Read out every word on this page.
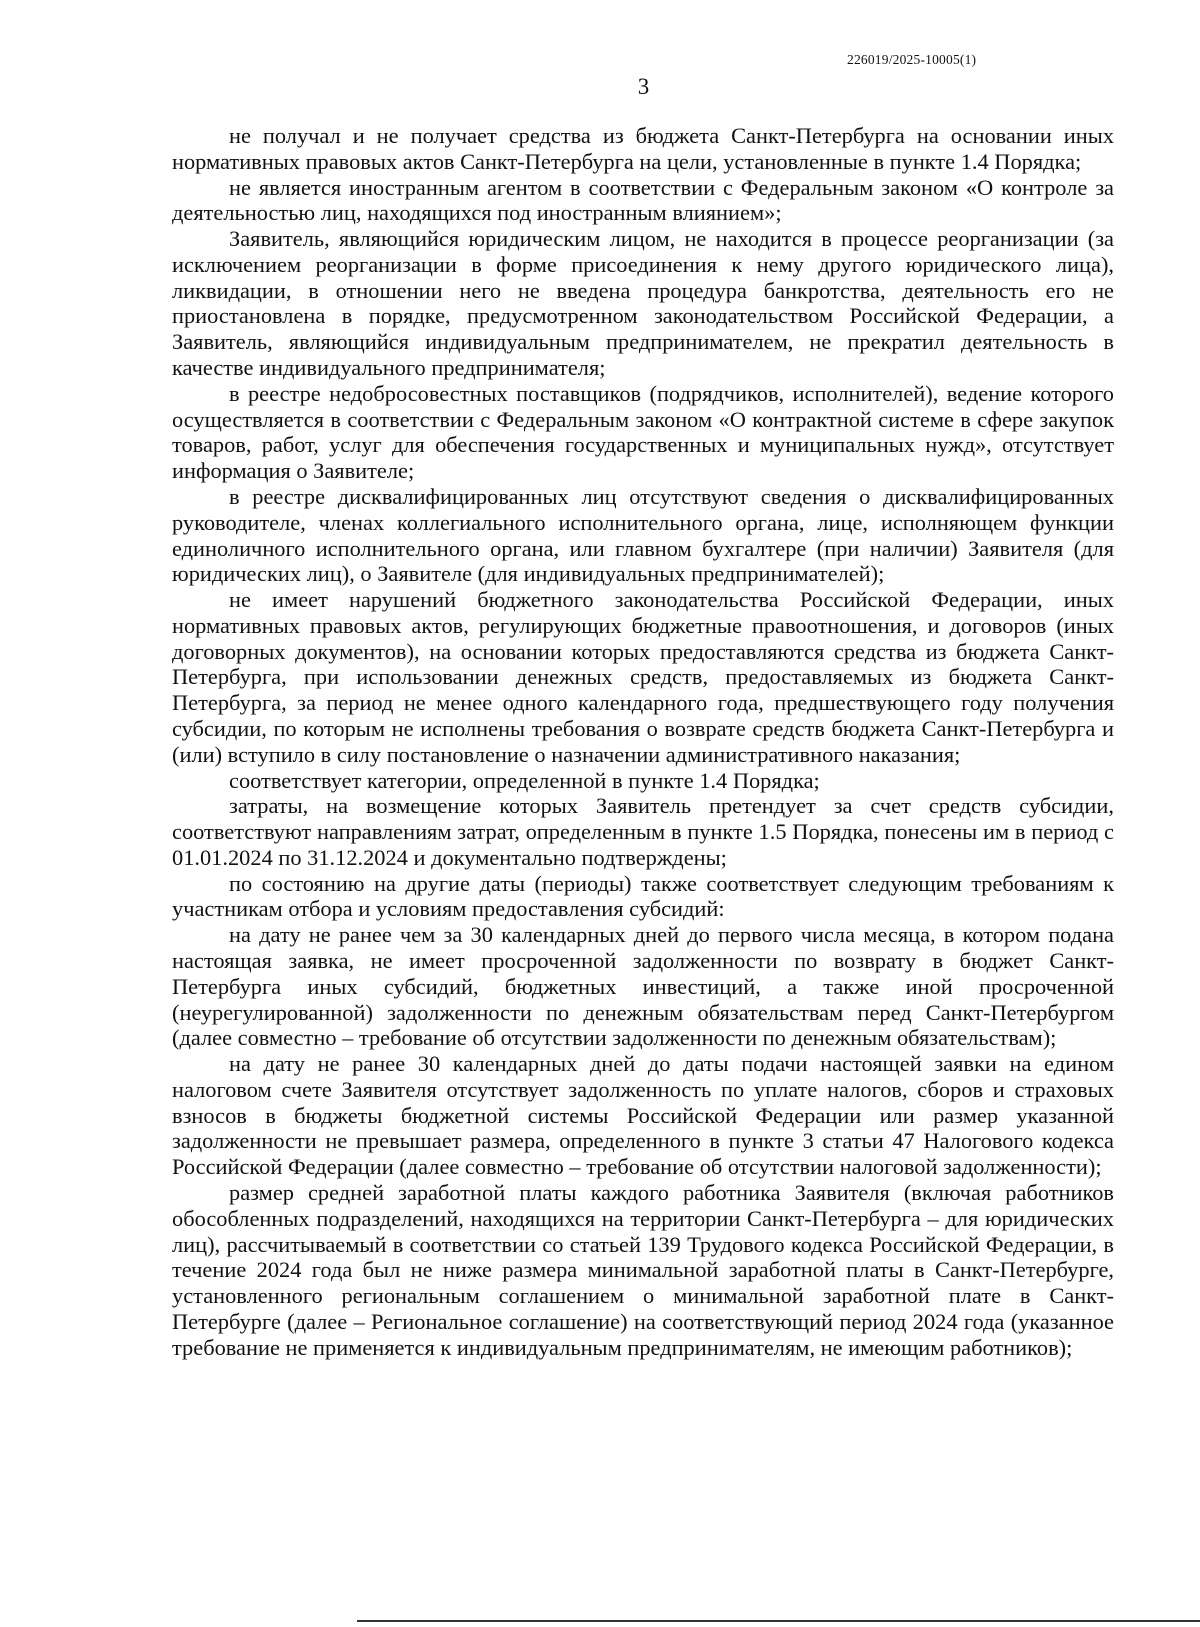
226019/2025-10005(1)
3

не получал и не получает средства из бюджета Санкт-Петербурга на основании иных нормативных правовых актов Санкт-Петербурга на цели, установленные в пункте 1.4 Порядка;

не является иностранным агентом в соответствии с Федеральным законом «О контроле за деятельностью лиц, находящихся под иностранным влиянием»;

Заявитель, являющийся юридическим лицом, не находится в процессе реорганизации (за исключением реорганизации в форме присоединения к нему другого юридического лица), ликвидации, в отношении него не введена процедура банкротства, деятельность его не приостановлена в порядке, предусмотренном законодательством Российской Федерации, а Заявитель, являющийся индивидуальным предпринимателем, не прекратил деятельность в качестве индивидуального предпринимателя;

в реестре недобросовестных поставщиков (подрядчиков, исполнителей), ведение которого осуществляется в соответствии с Федеральным законом «О контрактной системе в сфере закупок товаров, работ, услуг для обеспечения государственных и муниципальных нужд», отсутствует информация о Заявителе;

в реестре дисквалифицированных лиц отсутствуют сведения о дисквалифицированных руководителе, членах коллегиального исполнительного органа, лице, исполняющем функции единоличного исполнительного органа, или главном бухгалтере (при наличии) Заявителя (для юридических лиц), о Заявителе (для индивидуальных предпринимателей);

не имеет нарушений бюджетного законодательства Российской Федерации, иных нормативных правовых актов, регулирующих бюджетные правоотношения, и договоров (иных договорных документов), на основании которых предоставляются средства из бюджета Санкт-Петербурга, при использовании денежных средств, предоставляемых из бюджета Санкт-Петербурга, за период не менее одного календарного года, предшествующего году получения субсидии, по которым не исполнены требования о возврате средств бюджета Санкт-Петербурга и (или) вступило в силу постановление о назначении административного наказания;

соответствует категории, определенной в пункте 1.4 Порядка;

затраты, на возмещение которых Заявитель претендует за счет средств субсидии, соответствуют направлениям затрат, определенным в пункте 1.5 Порядка, понесены им в период с 01.01.2024 по 31.12.2024 и документально подтверждены;

по состоянию на другие даты (периоды) также соответствует следующим требованиям к участникам отбора и условиям предоставления субсидий:

на дату не ранее чем за 30 календарных дней до первого числа месяца, в котором подана настоящая заявка, не имеет просроченной задолженности по возврату в бюджет Санкт-Петербурга иных субсидий, бюджетных инвестиций, а также иной просроченной (неурегулированной) задолженности по денежным обязательствам перед Санкт-Петербургом (далее совместно – требование об отсутствии задолженности по денежным обязательствам);

на дату не ранее 30 календарных дней до даты подачи настоящей заявки на едином налоговом счете Заявителя отсутствует задолженность по уплате налогов, сборов и страховых взносов в бюджеты бюджетной системы Российской Федерации или размер указанной задолженности не превышает размера, определенного в пункте 3 статьи 47 Налогового кодекса Российской Федерации (далее совместно – требование об отсутствии налоговой задолженности);

размер средней заработной платы каждого работника Заявителя (включая работников обособленных подразделений, находящихся на территории Санкт-Петербурга – для юридических лиц), рассчитываемый в соответствии со статьей 139 Трудового кодекса Российской Федерации, в течение 2024 года был не ниже размера минимальной заработной платы в Санкт-Петербурге, установленного региональным соглашением о минимальной заработной плате в Санкт-Петербурге (далее – Региональное соглашение) на соответствующий период 2024 года (указанное требование не применяется к индивидуальным предпринимателям, не имеющим работников);
